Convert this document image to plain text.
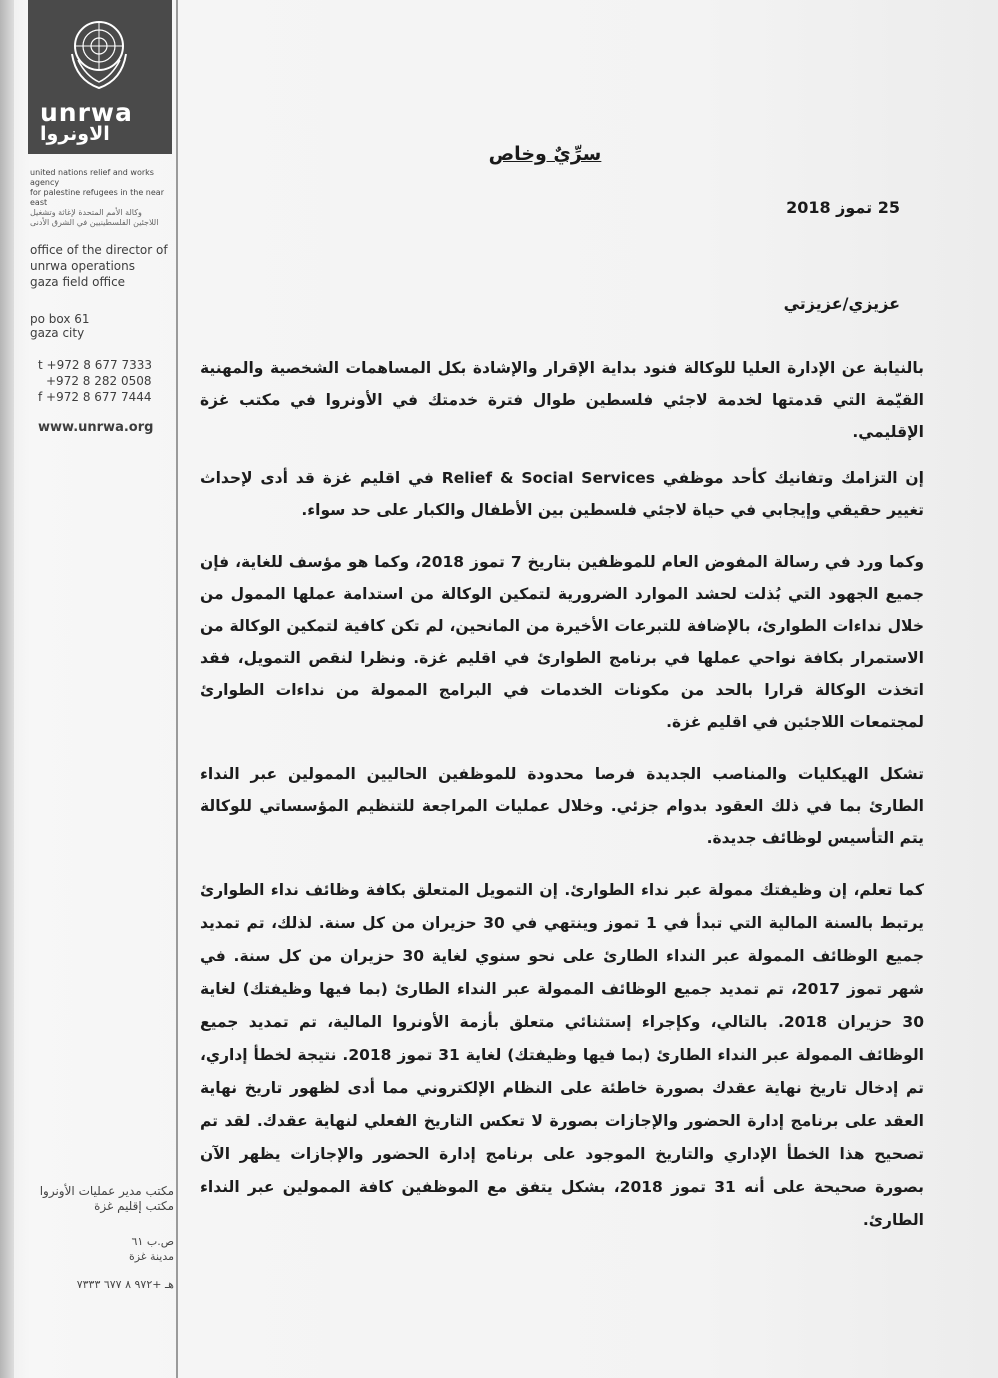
unrwa
الاونروا
united nations relief and works agency
for palestine refugees in the near east
وكالة الأمم المتحدة لإغاثة وتشغيل
اللاجئين الفلسطينيين في الشرق الأدنى
office of the director of
unrwa operations
gaza field office
po box 61
gaza city
t +972 8 677 7333
+972 8 282 0508
f +972 8 677 7444
www.unrwa.org
مكتب مدير عمليات الأونروا
مكتب إقليم غزة
ص.ب ٦١
مدينة غزة
هـ +٩٧٢ ٨ ٦٧٧ ٧٣٣٣
سرِّيٌ وخاص
25 تموز 2018
عزيزي/عزيزتي

بالنيابة عن الإدارة العليا للوكالة فنود بداية الإقرار والإشادة بكل المساهمات الشخصية والمهنية القيّمة التي قدمتها لخدمة لاجئي فلسطين طوال فترة خدمتك في الأونروا في مكتب غزة الإقليمي.

إن التزامك وتفانيك كأحد موظفي Relief & Social Services في اقليم غزة قد أدى لإحداث تغيير حقيقي وإيجابي في حياة لاجئي فلسطين بين الأطفال والكبار على حد سواء.

وكما ورد في رسالة المفوض العام للموظفين بتاريخ 7 تموز 2018، وكما هو مؤسف للغاية، فإن جميع الجهود التي بُذلت لحشد الموارد الضرورية لتمكين الوكالة من استدامة عملها الممول من خلال نداءات الطوارئ، بالإضافة للتبرعات الأخيرة من المانحين، لم تكن كافية لتمكين الوكالة من الاستمرار بكافة نواحي عملها في برنامج الطوارئ في اقليم غزة. ونظرا لنقص التمويل، فقد اتخذت الوكالة قرارا بالحد من مكونات الخدمات في البرامج الممولة من نداءات الطوارئ لمجتمعات اللاجئين في اقليم غزة.

تشكل الهيكليات والمناصب الجديدة فرصا محدودة للموظفين الحاليين الممولين عبر النداء الطارئ بما في ذلك العقود بدوام جزئي. وخلال عمليات المراجعة للتنظيم المؤسساتي للوكالة يتم التأسيس لوظائف جديدة.

كما تعلم، إن وظيفتك ممولة عبر نداء الطوارئ. إن التمويل المتعلق بكافة وظائف نداء الطوارئ يرتبط بالسنة المالية التي تبدأ في 1 تموز وينتهي في 30 حزيران من كل سنة. لذلك، تم تمديد جميع الوظائف الممولة عبر النداء الطارئ على نحو سنوي لغاية 30 حزيران من كل سنة. في شهر تموز 2017، تم تمديد جميع الوظائف الممولة عبر النداء الطارئ (بما فيها وظيفتك) لغاية 30 حزيران 2018. بالتالي، وكإجراء إستثنائي متعلق بأزمة الأونروا المالية، تم تمديد جميع الوظائف الممولة عبر النداء الطارئ (بما فيها وظيفتك) لغاية 31 تموز 2018. نتيجة لخطأ إداري، تم إدخال تاريخ نهاية عقدك بصورة خاطئة على النظام الإلكتروني مما أدى لظهور تاريخ نهاية العقد على برنامج إدارة الحضور والإجازات بصورة لا تعكس التاريخ الفعلي لنهاية عقدك. لقد تم تصحيح هذا الخطأ الإداري والتاريخ الموجود على برنامج إدارة الحضور والإجازات يظهر الآن بصورة صحيحة على أنه 31 تموز 2018، بشكل يتفق مع الموظفين كافة الممولين عبر النداء الطارئ.
